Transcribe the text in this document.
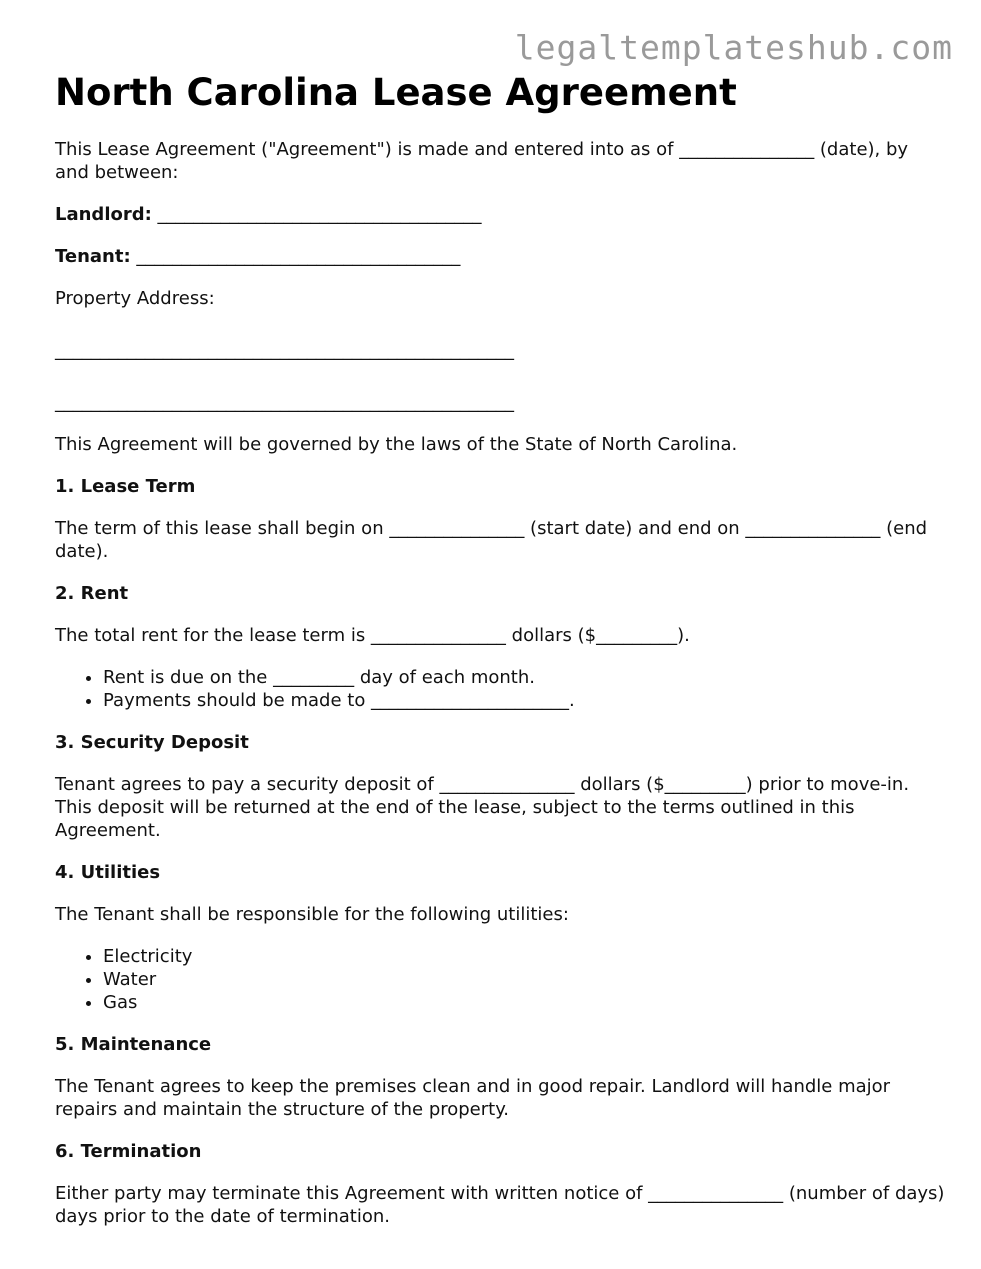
legaltemplateshub.com
North Carolina Lease Agreement

This Lease Agreement ("Agreement") is made and entered into as of _______________ (date), by and between:

Landlord: ____________________________________

Tenant: ____________________________________

Property Address:

___________________________________________________
___________________________________________________

This Agreement will be governed by the laws of the State of North Carolina.

1. Lease Term

The term of this lease shall begin on _______________ (start date) and end on _______________ (end date).

2. Rent

The total rent for the lease term is _______________ dollars ($_________).

• Rent is due on the _________ day of each month.
• Payments should be made to ______________________.
3. Security Deposit

Tenant agrees to pay a security deposit of _______________ dollars ($_________) prior to move-in. This deposit will be returned at the end of the lease, subject to the terms outlined in this Agreement.

4. Utilities

The Tenant shall be responsible for the following utilities:

• Electricity
• Water
• Gas
5. Maintenance

The Tenant agrees to keep the premises clean and in good repair. Landlord will handle major repairs and maintain the structure of the property.

6. Termination

Either party may terminate this Agreement with written notice of _______________ (number of days) days prior to the date of termination.
